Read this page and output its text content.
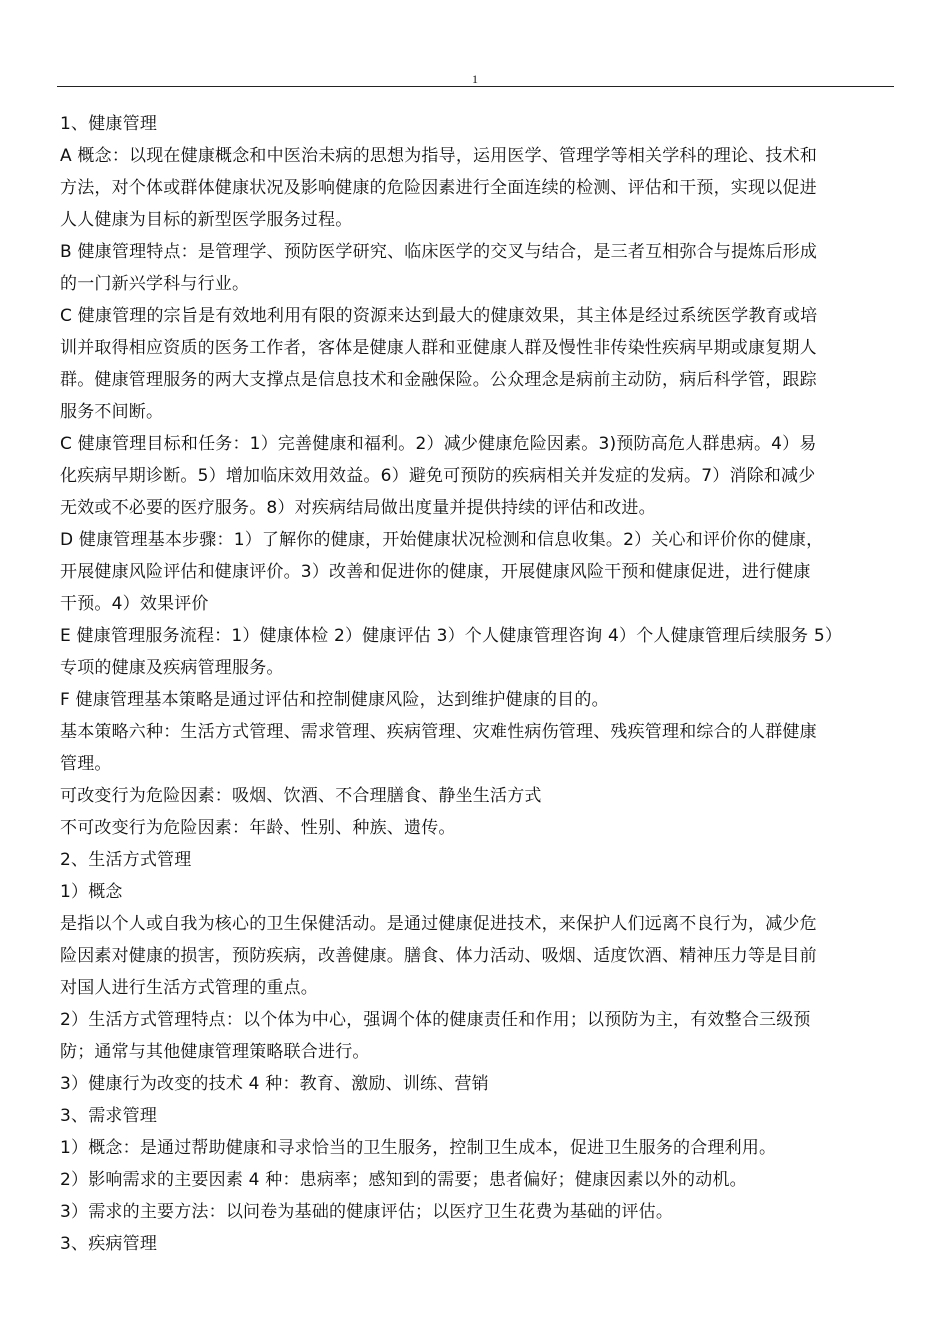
1
1、健康管理
A 概念：以现在健康概念和中医治未病的思想为指导，运用医学、管理学等相关学科的理论、技术和
方法，对个体或群体健康状况及影响健康的危险因素进行全面连续的检测、评估和干预，实现以促进
人人健康为目标的新型医学服务过程。
B 健康管理特点：是管理学、预防医学研究、临床医学的交叉与结合，是三者互相弥合与提炼后形成
的一门新兴学科与行业。
C 健康管理的宗旨是有效地利用有限的资源来达到最大的健康效果，其主体是经过系统医学教育或培
训并取得相应资质的医务工作者，客体是健康人群和亚健康人群及慢性非传染性疾病早期或康复期人
群。健康管理服务的两大支撑点是信息技术和金融保险。公众理念是病前主动防，病后科学管，跟踪
服务不间断。
C 健康管理目标和任务：1）完善健康和福利。2）减少健康危险因素。3)预防高危人群患病。4）易
化疾病早期诊断。5）增加临床效用效益。6）避免可预防的疾病相关并发症的发病。7）消除和减少
无效或不必要的医疗服务。8）对疾病结局做出度量并提供持续的评估和改进。
D 健康管理基本步骤：1）了解你的健康，开始健康状况检测和信息收集。2）关心和评价你的健康，
开展健康风险评估和健康评价。3）改善和促进你的健康，开展健康风险干预和健康促进，进行健康
干预。4）效果评价
E 健康管理服务流程：1）健康体检 2）健康评估 3）个人健康管理咨询 4）个人健康管理后续服务 5）
专项的健康及疾病管理服务。
F 健康管理基本策略是通过评估和控制健康风险，达到维护健康的目的。
基本策略六种：生活方式管理、需求管理、疾病管理、灾难性病伤管理、残疾管理和综合的人群健康
管理。
可改变行为危险因素：吸烟、饮酒、不合理膳食、静坐生活方式
不可改变行为危险因素：年龄、性别、种族、遗传。
2、生活方式管理
1）概念
是指以个人或自我为核心的卫生保健活动。是通过健康促进技术，来保护人们远离不良行为，减少危
险因素对健康的损害，预防疾病，改善健康。膳食、体力活动、吸烟、适度饮酒、精神压力等是目前
对国人进行生活方式管理的重点。
2）生活方式管理特点：以个体为中心，强调个体的健康责任和作用；以预防为主，有效整合三级预
防；通常与其他健康管理策略联合进行。
3）健康行为改变的技术 4 种：教育、激励、训练、营销
3、需求管理
1）概念：是通过帮助健康和寻求恰当的卫生服务，控制卫生成本，促进卫生服务的合理利用。
2）影响需求的主要因素 4 种：患病率；感知到的需要；患者偏好；健康因素以外的动机。
3）需求的主要方法：以问卷为基础的健康评估；以医疗卫生花费为基础的评估。
3、疾病管理
